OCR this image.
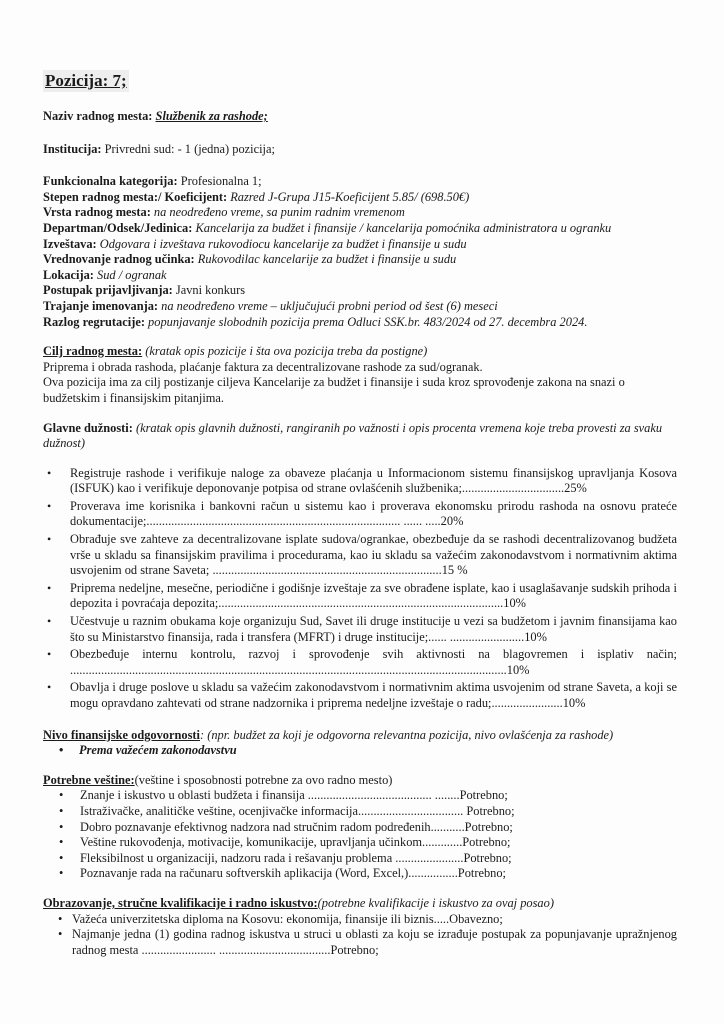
Pozicija: 7;

Naziv radnog mesta: Službenik za rashode;

Institucija: Privredni sud: - 1 (jedna) pozicija;

Funkcionalna kategorija: Profesionalna 1;

Stepen radnog mesta:/ Koeficijent: Razred J-Grupa J15-Koeficijent 5.85/ (698.50€)

Vrsta radnog mesta: na neodređeno vreme, sa punim radnim vremenom

Departman/Odsek/Jedinica: Kancelarija za budžet i finansije / kancelarija pomoćnika administratora u ogranku

Izveštava: Odgovara i izveštava rukovodiocu kancelarije za budžet i finansije u sudu

Vrednovanje radnog učinka: Rukovodilac kancelarije za budžet i finansije u sudu

Lokacija: Sud / ogranak

Postupak prijavljivanja: Javni konkurs

Trajanje imenovanja: na neodređeno vreme – uključujući probni period od šest (6) meseci

Razlog regrutacije: popunjavanje slobodnih pozicija prema Odluci SSK.br. 483/2024 od 27. decembra 2024.

Cilj radnog mesta: (kratak opis pozicije i šta ova pozicija treba da postigne)

Priprema i obrada rashoda, plaćanje faktura za decentralizovane rashode za sud/ogranak.

Ova pozicija ima za cilj postizanje ciljeva Kancelarije za budžet i finansije i suda kroz sprovođenje zakona na snazi o budžetskim i finansijskim pitanjima.

Glavne dužnosti: (kratak opis glavnih dužnosti, rangiranih po važnosti i opis procenta vremena koje treba provesti za svaku dužnost)

• Registruje rashode i verifikuje naloge za obaveze plaćanja u Informacionom sistemu finansijskog upravljanja Kosova (ISFUK) kao i verifikuje deponovanje potpisa od strane ovlašćenih službenika;.................................25%
• Proverava ime korisnika i bankovni račun u sistemu kao i proverava ekonomsku prirodu rashoda na osnovu prateće dokumentacije;.................................................................................. ...... .....20%
• Obrađuje sve zahteve za decentralizovane isplate sudova/ogrankae, obezbeđuje da se rashodi decentralizovanog budžeta vrše u skladu sa finansijskim pravilima i procedurama, kao iu skladu sa važećim zakonodavstvom i normativnim aktima usvojenim od strane Saveta; ..........................................................................15 %
• Priprema nedeljne, mesečne, periodične i godišnje izveštaje za sve obrađene isplate, kao i usaglašavanje sudskih prihoda i depozita i povraćaja depozita;............................................................................................10%
• Učestvuje u raznim obukama koje organizuju Sud, Savet ili druge institucije u vezi sa budžetom i javnim finansijama kao što su Ministarstvo finansija, rada i transfera (MFRT) i druge institucije;...... ........................10%
• Obezbeđuje internu kontrolu, razvoj i sprovođenje svih aktivnosti na blagovremen i isplativ način; .............................................................................................................................................10%
• Obavlja i druge poslove u skladu sa važećim zakonodavstvom i normativnim aktima usvojenim od strane Saveta, a koji se mogu opravdano zahtevati od strane nadzornika i priprema nedeljne izveštaje o radu;.......................10%

Nivo finansijske odgovornosti: (npr. budžet za koji je odgovorna relevantna pozicija, nivo ovlašćenja za rashode)

• Prema važećem zakonodavstvu

Potrebne veštine:(veštine i sposobnosti potrebne za ovo radno mesto)

• Znanje i iskustvo u oblasti budžeta i finansija ........................................ ........Potrebno;
• Istraživačke, analitičke veštine, ocenjivačke informacija.................................. Potrebno;
• Dobro poznavanje efektivnog nadzora nad stručnim radom podređenih...........Potrebno;
• Veštine rukovođenja, motivacije, komunikacije, upravljanja učinkom.............Potrebno;
• Fleksibilnost u organizaciji, nadzoru rada i rešavanju problema ......................Potrebno;
• Poznavanje rada na računaru softverskih aplikacija (Word, Excel,)................Potrebno;

Obrazovanje, stručne kvalifikacije i radno iskustvo:(potrebne kvalifikacije i iskustvo za ovaj posao)

• Važeća univerzitetska diploma na Kosovu: ekonomija, finansije ili biznis.....Obavezno;
• Najmanje jedna (1) godina radnog iskustva u struci u oblasti za koju se izrađuje postupak za popunjavanje upražnjenog radnog mesta ........................ ....................................Potrebno;
